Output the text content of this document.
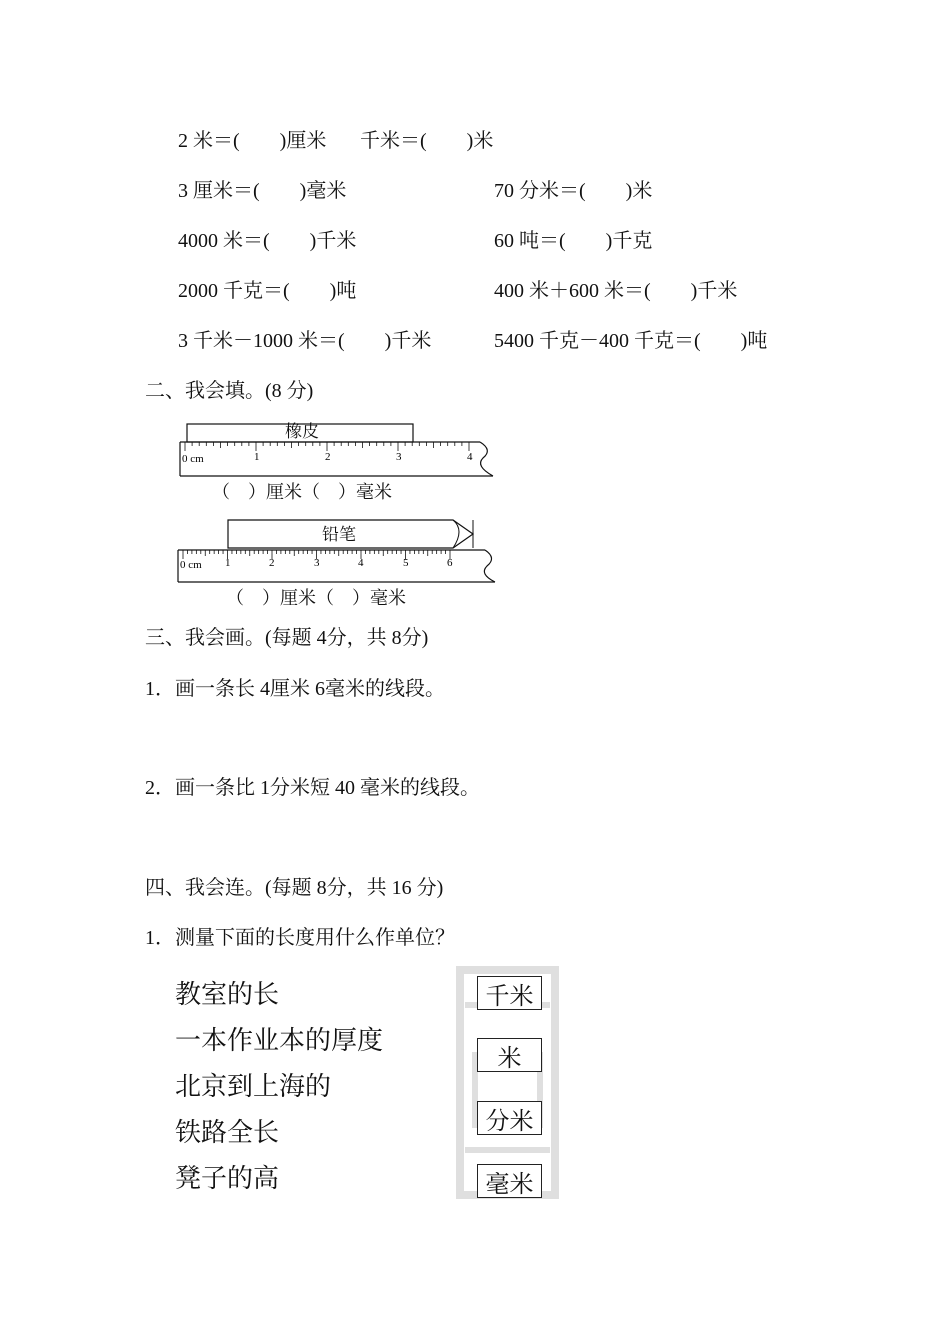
2 米＝(　　)厘米 千米＝(　　)米
3 厘米＝(　　)毫米	70 分米＝(　　)米
4000 米＝(　　)千米	60 吨＝(　　)千克
2000 千克＝(　　)吨	400 米＋600 米＝(　　)千米
3 千米－1000 米＝(　　)千米	5400 千克－400 千克＝(　　)吨
二、我会填。(8 分)
0 cm	1	2	3	4
橡皮
（　）厘米（　）毫米
0 cm 1	2	3	4	5	6
铅笔
（　）厘米（　）毫米
三、我会画。(每题 4分，共 8分)
1．画一条长 4厘米 6毫米的线段。
2．画一条比 1分米短 40 毫米的线段。
四、我会连。(每题 8分，共 16 分)
1．测量下面的长度用什么作单位？
教室的长
一本作业本的厚度
北京到上海的
铁路全长
凳子的高
千米
米
分米
毫米
